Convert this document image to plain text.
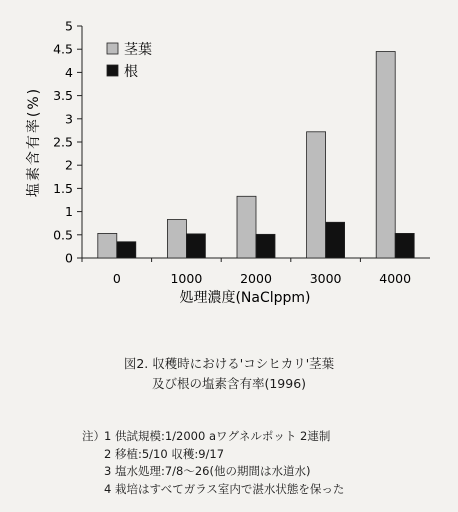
0
0.5
1
1.5
2
2.5
3
3.5
4
4.5
5
0	1000	2000	3000	4000
茎葉
根
塩素含有率(%)
処理濃度(NaClppm)
図2. 収穫時における'コシヒカリ'茎葉
及び根の塩素含有率(1996)
注）1 供試規模:1/2000 aワグネルポット 2連制
2 移植:5/10 収穫:9/17
3 塩水処理:7/8～26(他の期間は水道水)
4 栽培はすべてガラス室内で湛水状態を保った
